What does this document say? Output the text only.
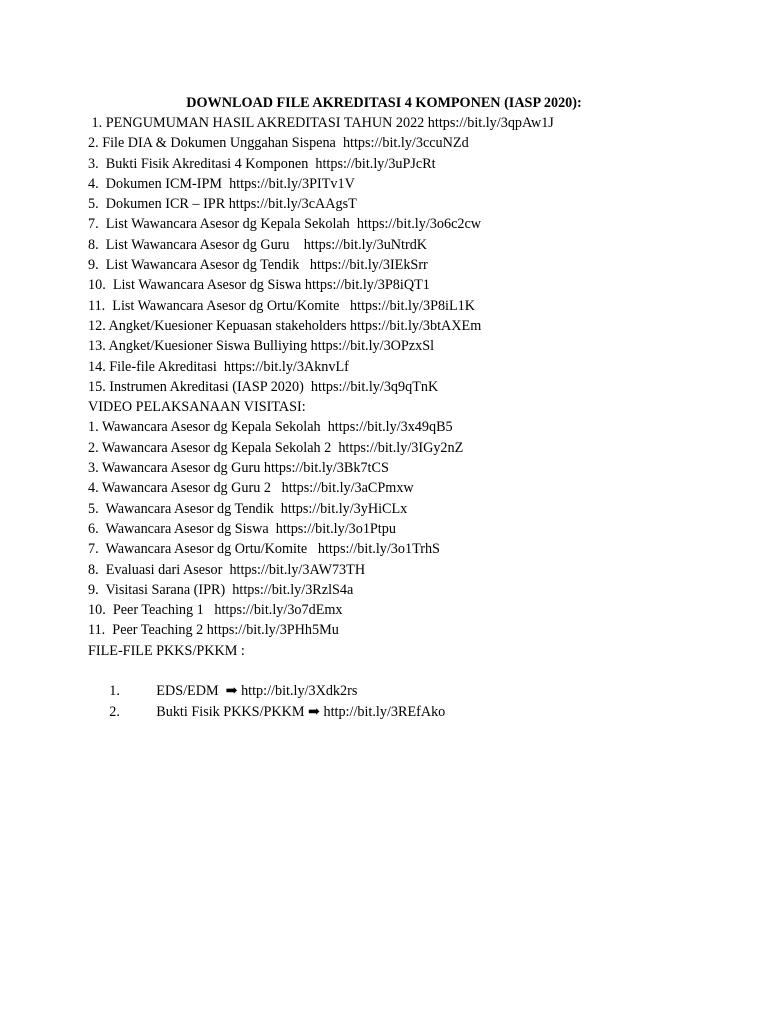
DOWNLOAD FILE AKREDITASI 4 KOMPONEN (IASP 2020):
1. PENGUMUMAN HASIL AKREDITASI TAHUN 2022 https://bit.ly/3qpAw1J
2. File DIA & Dokumen Unggahan Sispena  https://bit.ly/3ccuNZd
3.  Bukti Fisik Akreditasi 4 Komponen  https://bit.ly/3uPJcRt
4.  Dokumen ICM-IPM  https://bit.ly/3PITv1V
5.  Dokumen ICR – IPR https://bit.ly/3cAAgsT
7.  List Wawancara Asesor dg Kepala Sekolah  https://bit.ly/3o6c2cw
8.  List Wawancara Asesor dg Guru    https://bit.ly/3uNtrdK
9.  List Wawancara Asesor dg Tendik   https://bit.ly/3IEkSrr
10.  List Wawancara Asesor dg Siswa https://bit.ly/3P8iQT1
11.  List Wawancara Asesor dg Ortu/Komite   https://bit.ly/3P8iL1K
12. Angket/Kuesioner Kepuasan stakeholders https://bit.ly/3btAXEm
13. Angket/Kuesioner Siswa Bulliying https://bit.ly/3OPzxSl
14. File-file Akreditasi  https://bit.ly/3AknvLf
15. Instrumen Akreditasi (IASP 2020)  https://bit.ly/3q9qTnK
VIDEO PELAKSANAAN VISITASI:
1. Wawancara Asesor dg Kepala Sekolah  https://bit.ly/3x49qB5
2. Wawancara Asesor dg Kepala Sekolah 2  https://bit.ly/3IGy2nZ
3. Wawancara Asesor dg Guru https://bit.ly/3Bk7tCS
4. Wawancara Asesor dg Guru 2   https://bit.ly/3aCPmxw
5.  Wawancara Asesor dg Tendik  https://bit.ly/3yHiCLx
6.  Wawancara Asesor dg Siswa  https://bit.ly/3o1Ptpu
7.  Wawancara Asesor dg Ortu/Komite   https://bit.ly/3o1TrhS
8.  Evaluasi dari Asesor  https://bit.ly/3AW73TH
9.  Visitasi Sarana (IPR)  https://bit.ly/3RzlS4a
10.  Peer Teaching 1   https://bit.ly/3o7dEmx
11.  Peer Teaching 2 https://bit.ly/3PHh5Mu
FILE-FILE PKKS/PKKM :

1.	EDS/EDM  ➡ http://bit.ly/3Xdk2rs

2.	Bukti Fisik PKKS/PKKM ➡ http://bit.ly/3REfAko
